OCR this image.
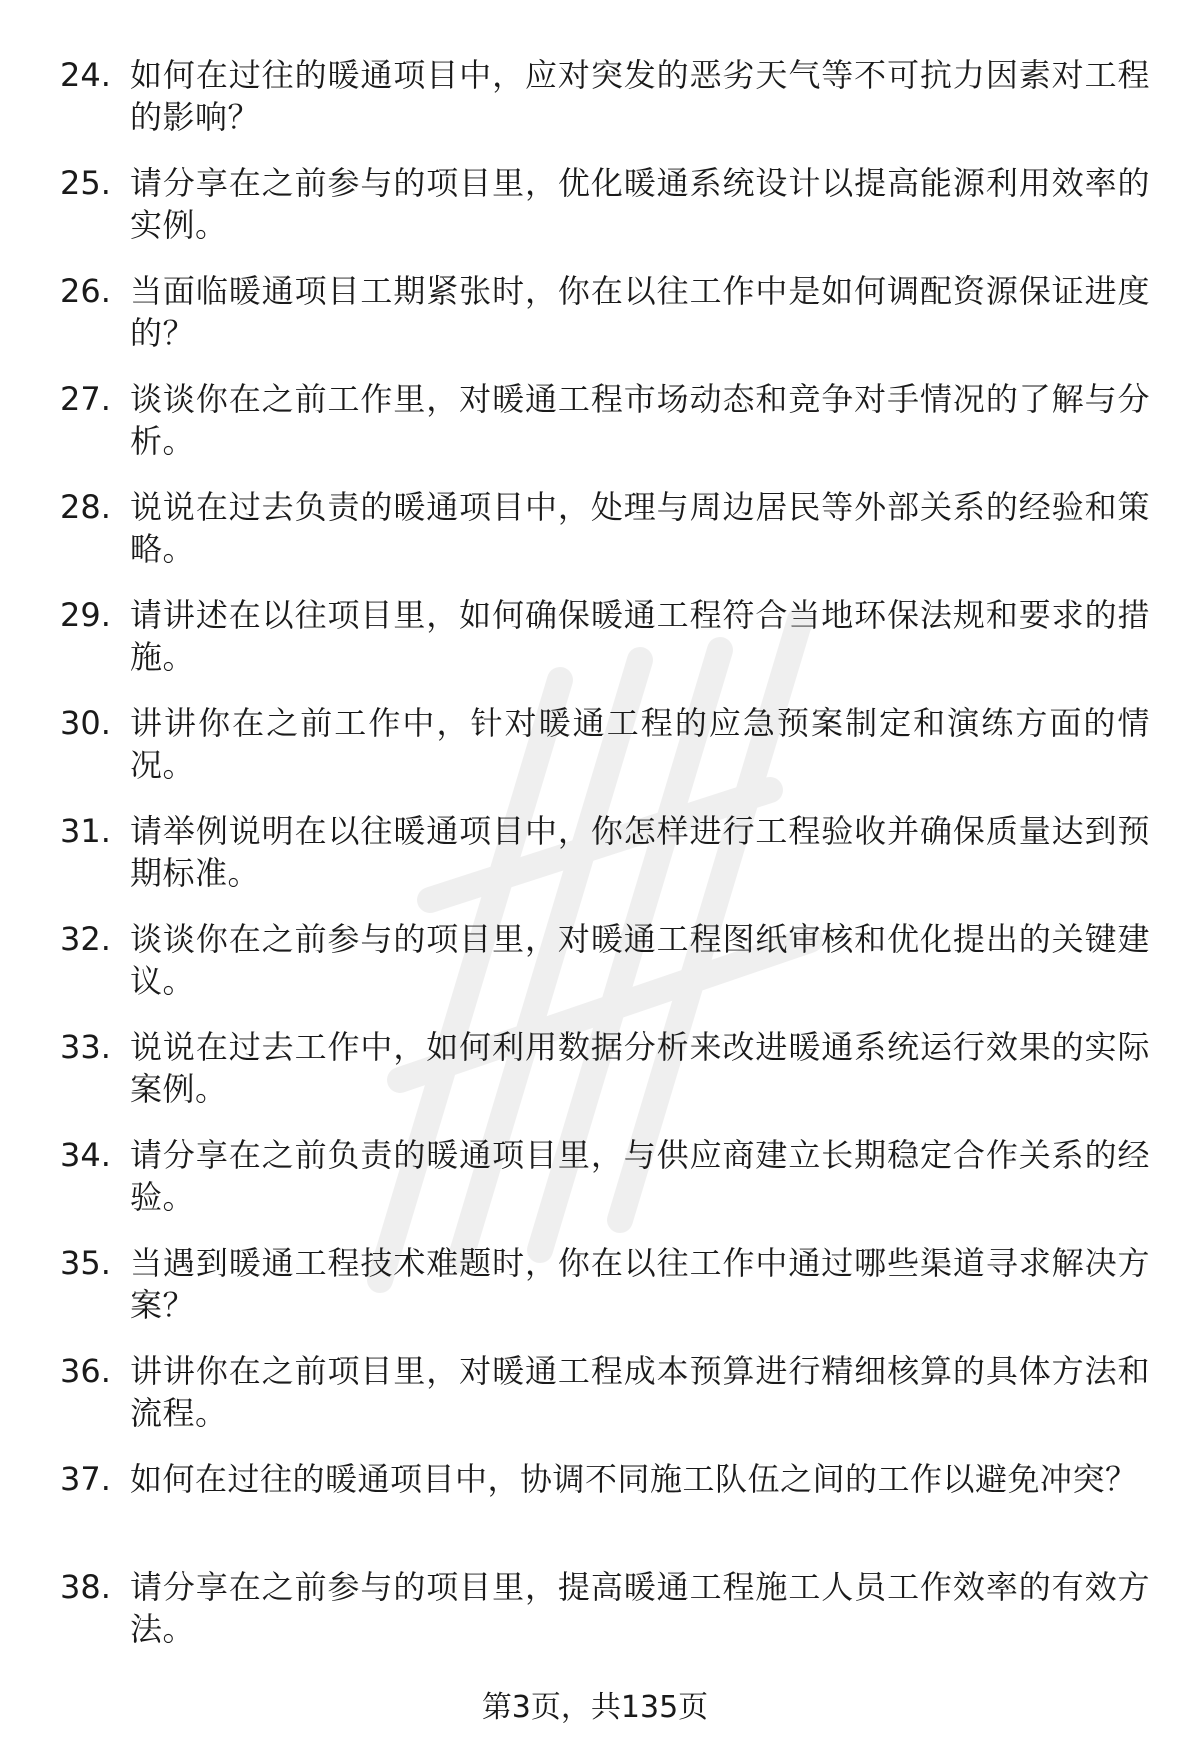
24. 如何在过往的暖通项目中，应对突发的恶劣天气等不可抗力因素对工程的影响？
25. 请分享在之前参与的项目里，优化暖通系统设计以提高能源利用效率的实例。
26. 当面临暖通项目工期紧张时，你在以往工作中是如何调配资源保证进度的？
27. 谈谈你在之前工作里，对暖通工程市场动态和竞争对手情况的了解与分析。
28. 说说在过去负责的暖通项目中，处理与周边居民等外部关系的经验和策略。
29. 请讲述在以往项目里，如何确保暖通工程符合当地环保法规和要求的措施。
30. 讲讲你在之前工作中，针对暖通工程的应急预案制定和演练方面的情况。
31. 请举例说明在以往暖通项目中，你怎样进行工程验收并确保质量达到预期标准。
32. 谈谈你在之前参与的项目里，对暖通工程图纸审核和优化提出的关键建议。
33. 说说在过去工作中，如何利用数据分析来改进暖通系统运行效果的实际案例。
34. 请分享在之前负责的暖通项目里，与供应商建立长期稳定合作关系的经验。
35. 当遇到暖通工程技术难题时，你在以往工作中通过哪些渠道寻求解决方案？
36. 讲讲你在之前项目里，对暖通工程成本预算进行精细核算的具体方法和流程。
37. 如何在过往的暖通项目中，协调不同施工队伍之间的工作以避免冲突？
38. 请分享在之前参与的项目里，提高暖通工程施工人员工作效率的有效方法。
第3页，共135页
